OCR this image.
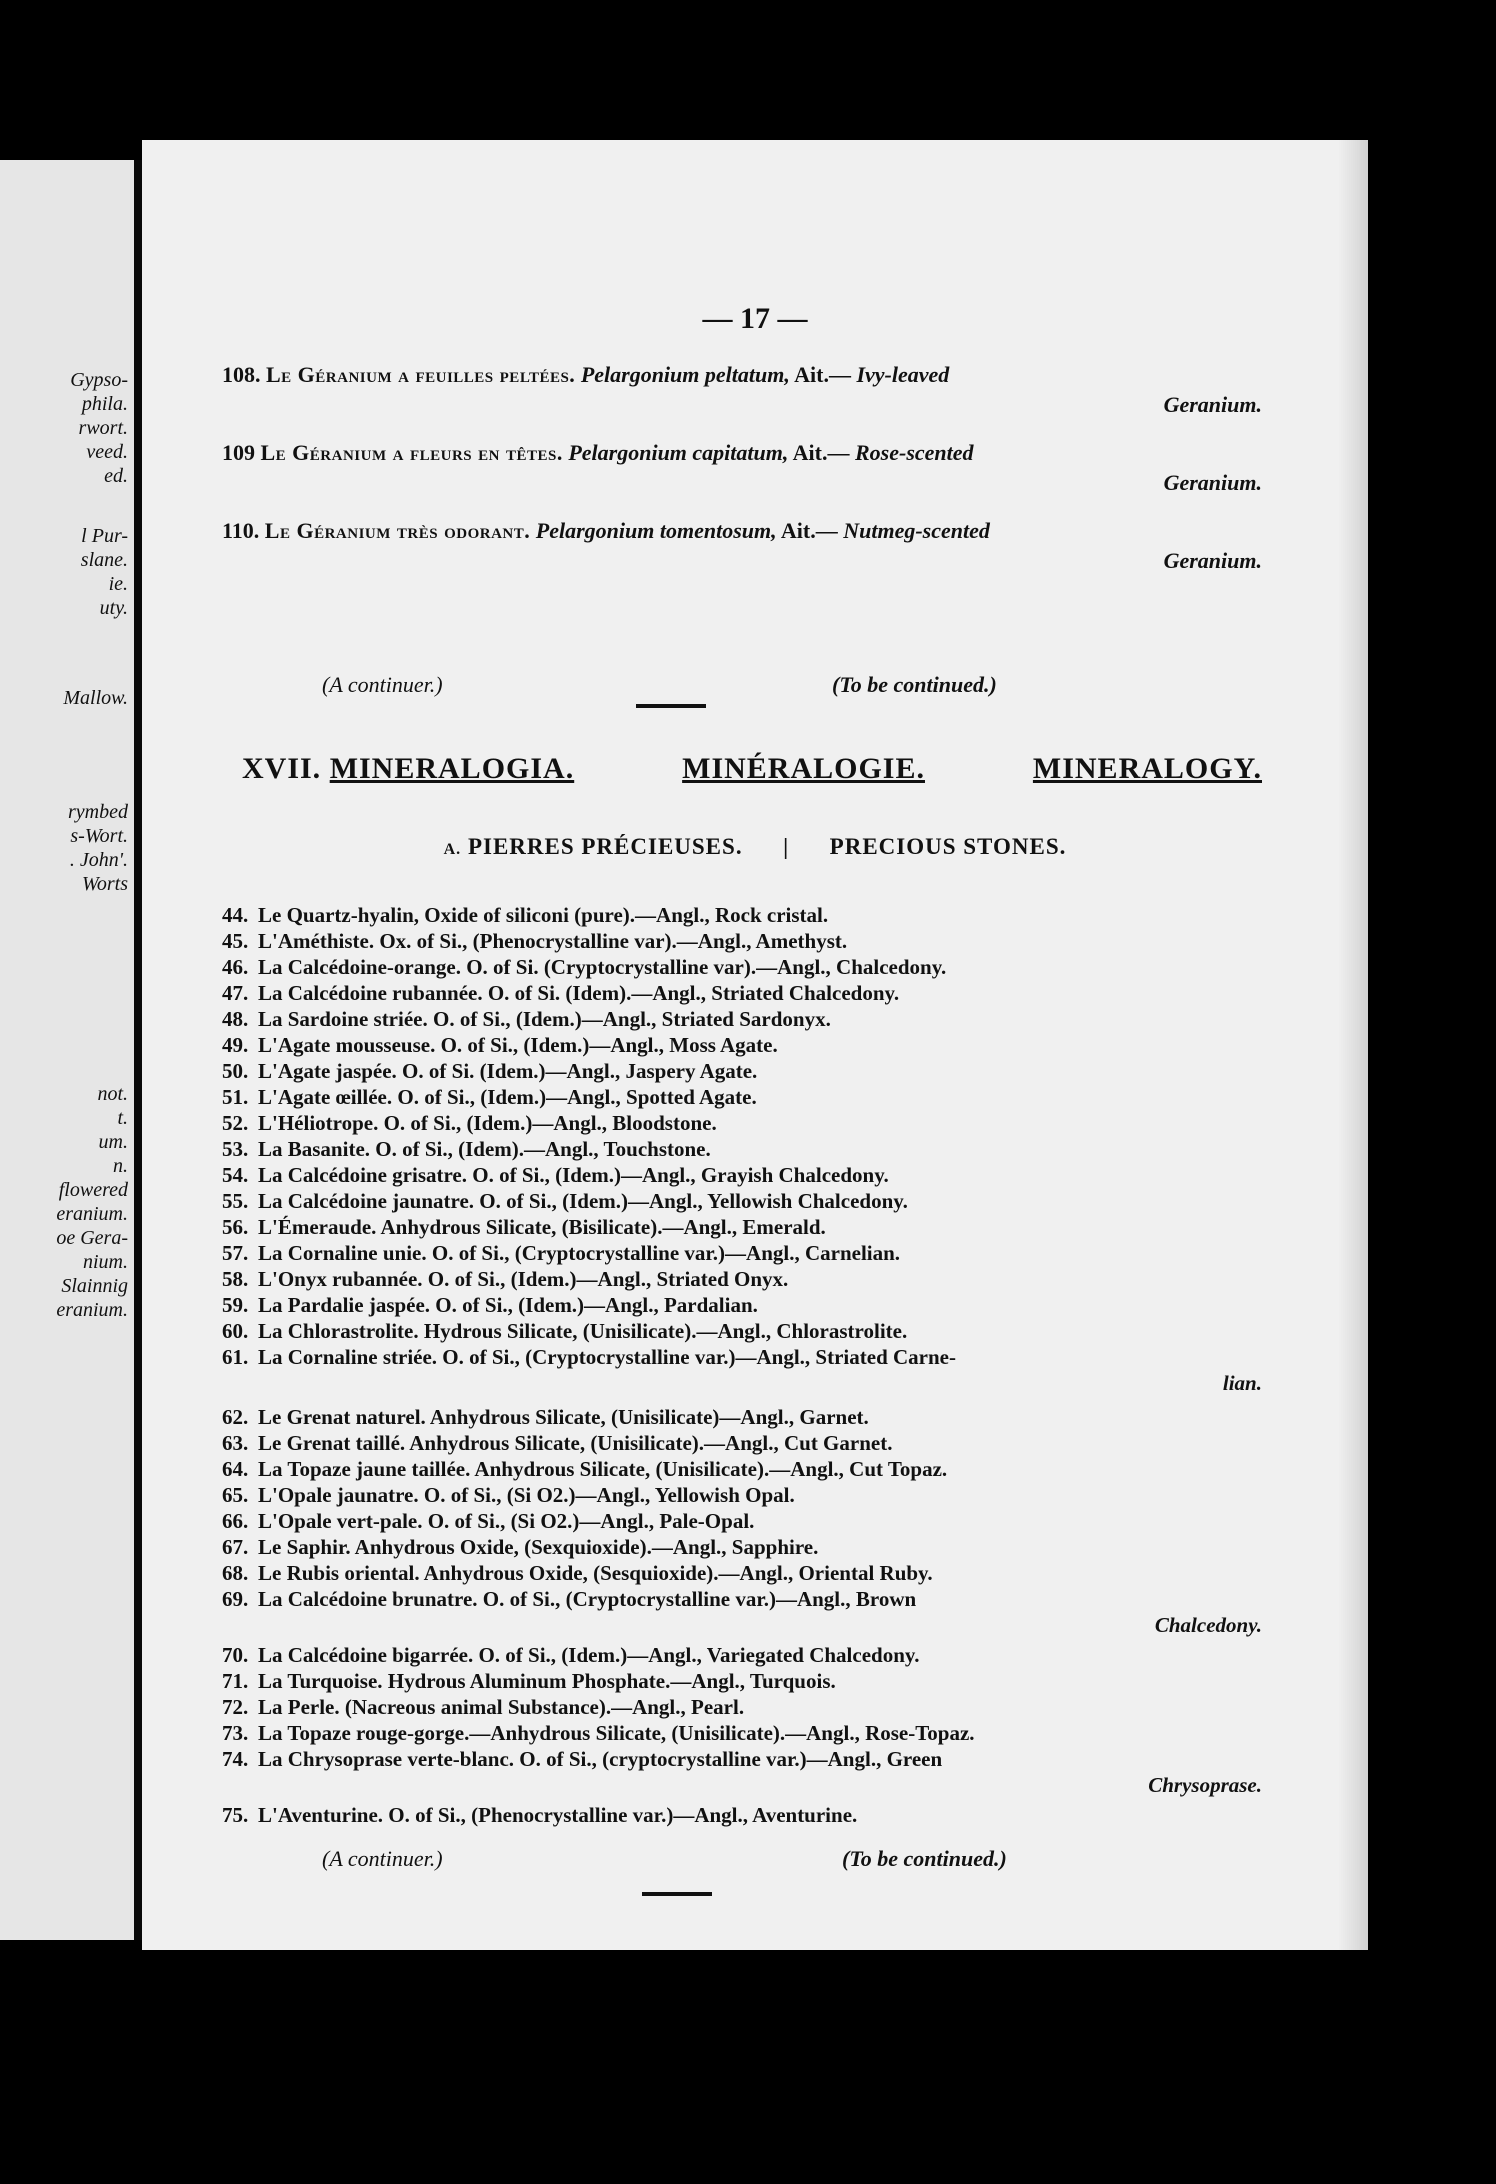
Gypso-
phila.
rwort.
veed.
ed.
l Pur-
slane.
ie.
uty.
Mallow.
rymbed
s-Wort.
. John'.
Worts
not.
t.
um.
n.
flowered
eranium.
oe Gera-
nium.
Slainnig
eranium.
— 17 —
108. Le Géranium a feuilles peltées. Pelargonium peltatum, Ait.— Ivy-leaved
Geranium.
109 Le Géranium a fleurs en têtes. Pelargonium capitatum, Ait.— Rose-scented
Geranium.
110. Le Géranium très odorant. Pelargonium tomentosum, Ait.— Nutmeg-scented
Geranium.
(A continuer.)	(To be continued.)
XVII. MINERALOGIA.	MINÉRALOGIE.	MINERALOGY.
A. PIERRES PRÉCIEUSES. | PRECIOUS STONES.
44. Le Quartz-hyalin, Oxide of siliconi (pure).—Angl., Rock cristal.
45. L'Améthiste. Ox. of Si., (Phenocrystalline var).—Angl., Amethyst.
46. La Calcédoine-orange. O. of Si. (Cryptocrystalline var).—Angl., Chalcedony.
47. La Calcédoine rubannée. O. of Si. (Idem).—Angl., Striated Chalcedony.
48. La Sardoine striée. O. of Si., (Idem.)—Angl., Striated Sardonyx.
49. L'Agate mousseuse. O. of Si., (Idem.)—Angl., Moss Agate.
50. L'Agate jaspée. O. of Si. (Idem.)—Angl., Jaspery Agate.
51. L'Agate œillée. O. of Si., (Idem.)—Angl., Spotted Agate.
52. L'Héliotrope. O. of Si., (Idem.)—Angl., Bloodstone.
53. La Basanite. O. of Si., (Idem).—Angl., Touchstone.
54. La Calcédoine grisatre. O. of Si., (Idem.)—Angl., Grayish Chalcedony.
55. La Calcédoine jaunatre. O. of Si., (Idem.)—Angl., Yellowish Chalcedony.
56. L'Émeraude. Anhydrous Silicate, (Bisilicate).—Angl., Emerald.
57. La Cornaline unie. O. of Si., (Cryptocrystalline var.)—Angl., Carnelian.
58. L'Onyx rubannée. O. of Si., (Idem.)—Angl., Striated Onyx.
59. La Pardalie jaspée. O. of Si., (Idem.)—Angl., Pardalian.
60. La Chlorastrolite. Hydrous Silicate, (Unisilicate).—Angl., Chlorastrolite.
61. La Cornaline striée. O. of Si., (Cryptocrystalline var.)—Angl., Striated Carne-
lian.
62. Le Grenat naturel. Anhydrous Silicate, (Unisilicate)—Angl., Garnet.
63. Le Grenat taillé. Anhydrous Silicate, (Unisilicate).—Angl., Cut Garnet.
64. La Topaze jaune taillée. Anhydrous Silicate, (Unisilicate).—Angl., Cut Topaz.
65. L'Opale jaunatre. O. of Si., (Si O2.)—Angl., Yellowish Opal.
66. L'Opale vert-pale. O. of Si., (Si O2.)—Angl., Pale-Opal.
67. Le Saphir. Anhydrous Oxide, (Sexquioxide).—Angl., Sapphire.
68. Le Rubis oriental. Anhydrous Oxide, (Sesquioxide).—Angl., Oriental Ruby.
69. La Calcédoine brunatre. O. of Si., (Cryptocrystalline var.)—Angl., Brown
Chalcedony.
70. La Calcédoine bigarrée. O. of Si., (Idem.)—Angl., Variegated Chalcedony.
71. La Turquoise. Hydrous Aluminum Phosphate.—Angl., Turquois.
72. La Perle. (Nacreous animal Substance).—Angl., Pearl.
73. La Topaze rouge-gorge.—Anhydrous Silicate, (Unisilicate).—Angl., Rose-Topaz.
74. La Chrysoprase verte-blanc. O. of Si., (cryptocrystalline var.)—Angl., Green
Chrysoprase.
75. L'Aventurine. O. of Si., (Phenocrystalline var.)—Angl., Aventurine.
(A continuer.)	(To be continued.)
